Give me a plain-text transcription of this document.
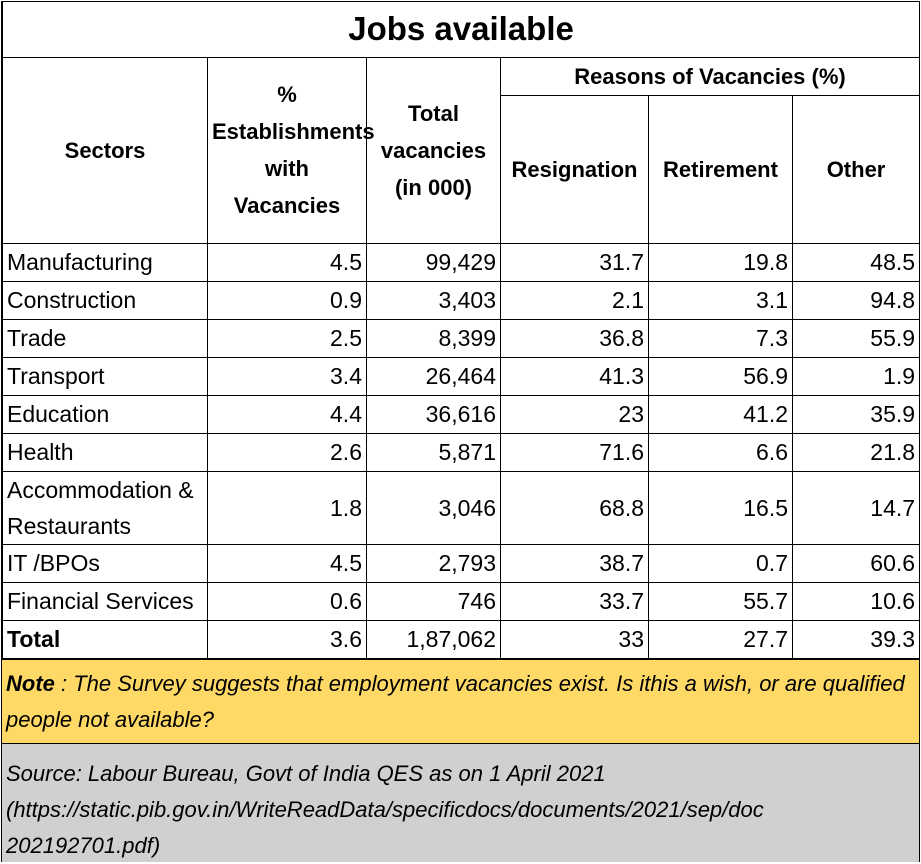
Jobs available					
Sectors	% Establishments with Vacancies	Total vacancies (in 000)	Reasons of Vacancies (%)		
			Resignation	Retirement	Other
Manufacturing	4.5	99,429	31.7	19.8	48.5
Construction	0.9	3,403	2.1	3.1	94.8
Trade	2.5	8,399	36.8	7.3	55.9
Transport	3.4	26,464	41.3	56.9	1.9
Education	4.4	36,616	23	41.2	35.9
Health	2.6	5,871	71.6	6.6	21.8
Accommodation & Restaurants	1.8	3,046	68.8	16.5	14.7
IT /BPOs	4.5	2,793	38.7	0.7	60.6
Financial Services	0.6	746	33.7	55.7	10.6
Total	3.6	1,87,062	33	27.7	39.3
Note : The Survey suggests that employment vacancies exist. Is ithis a wish, or are qualified people not available?
Source: Labour Bureau, Govt of India QES as on 1 April 2021
(https://static.pib.gov.in/WriteReadData/specificdocs/documents/2021/sep/doc
202192701.pdf)
